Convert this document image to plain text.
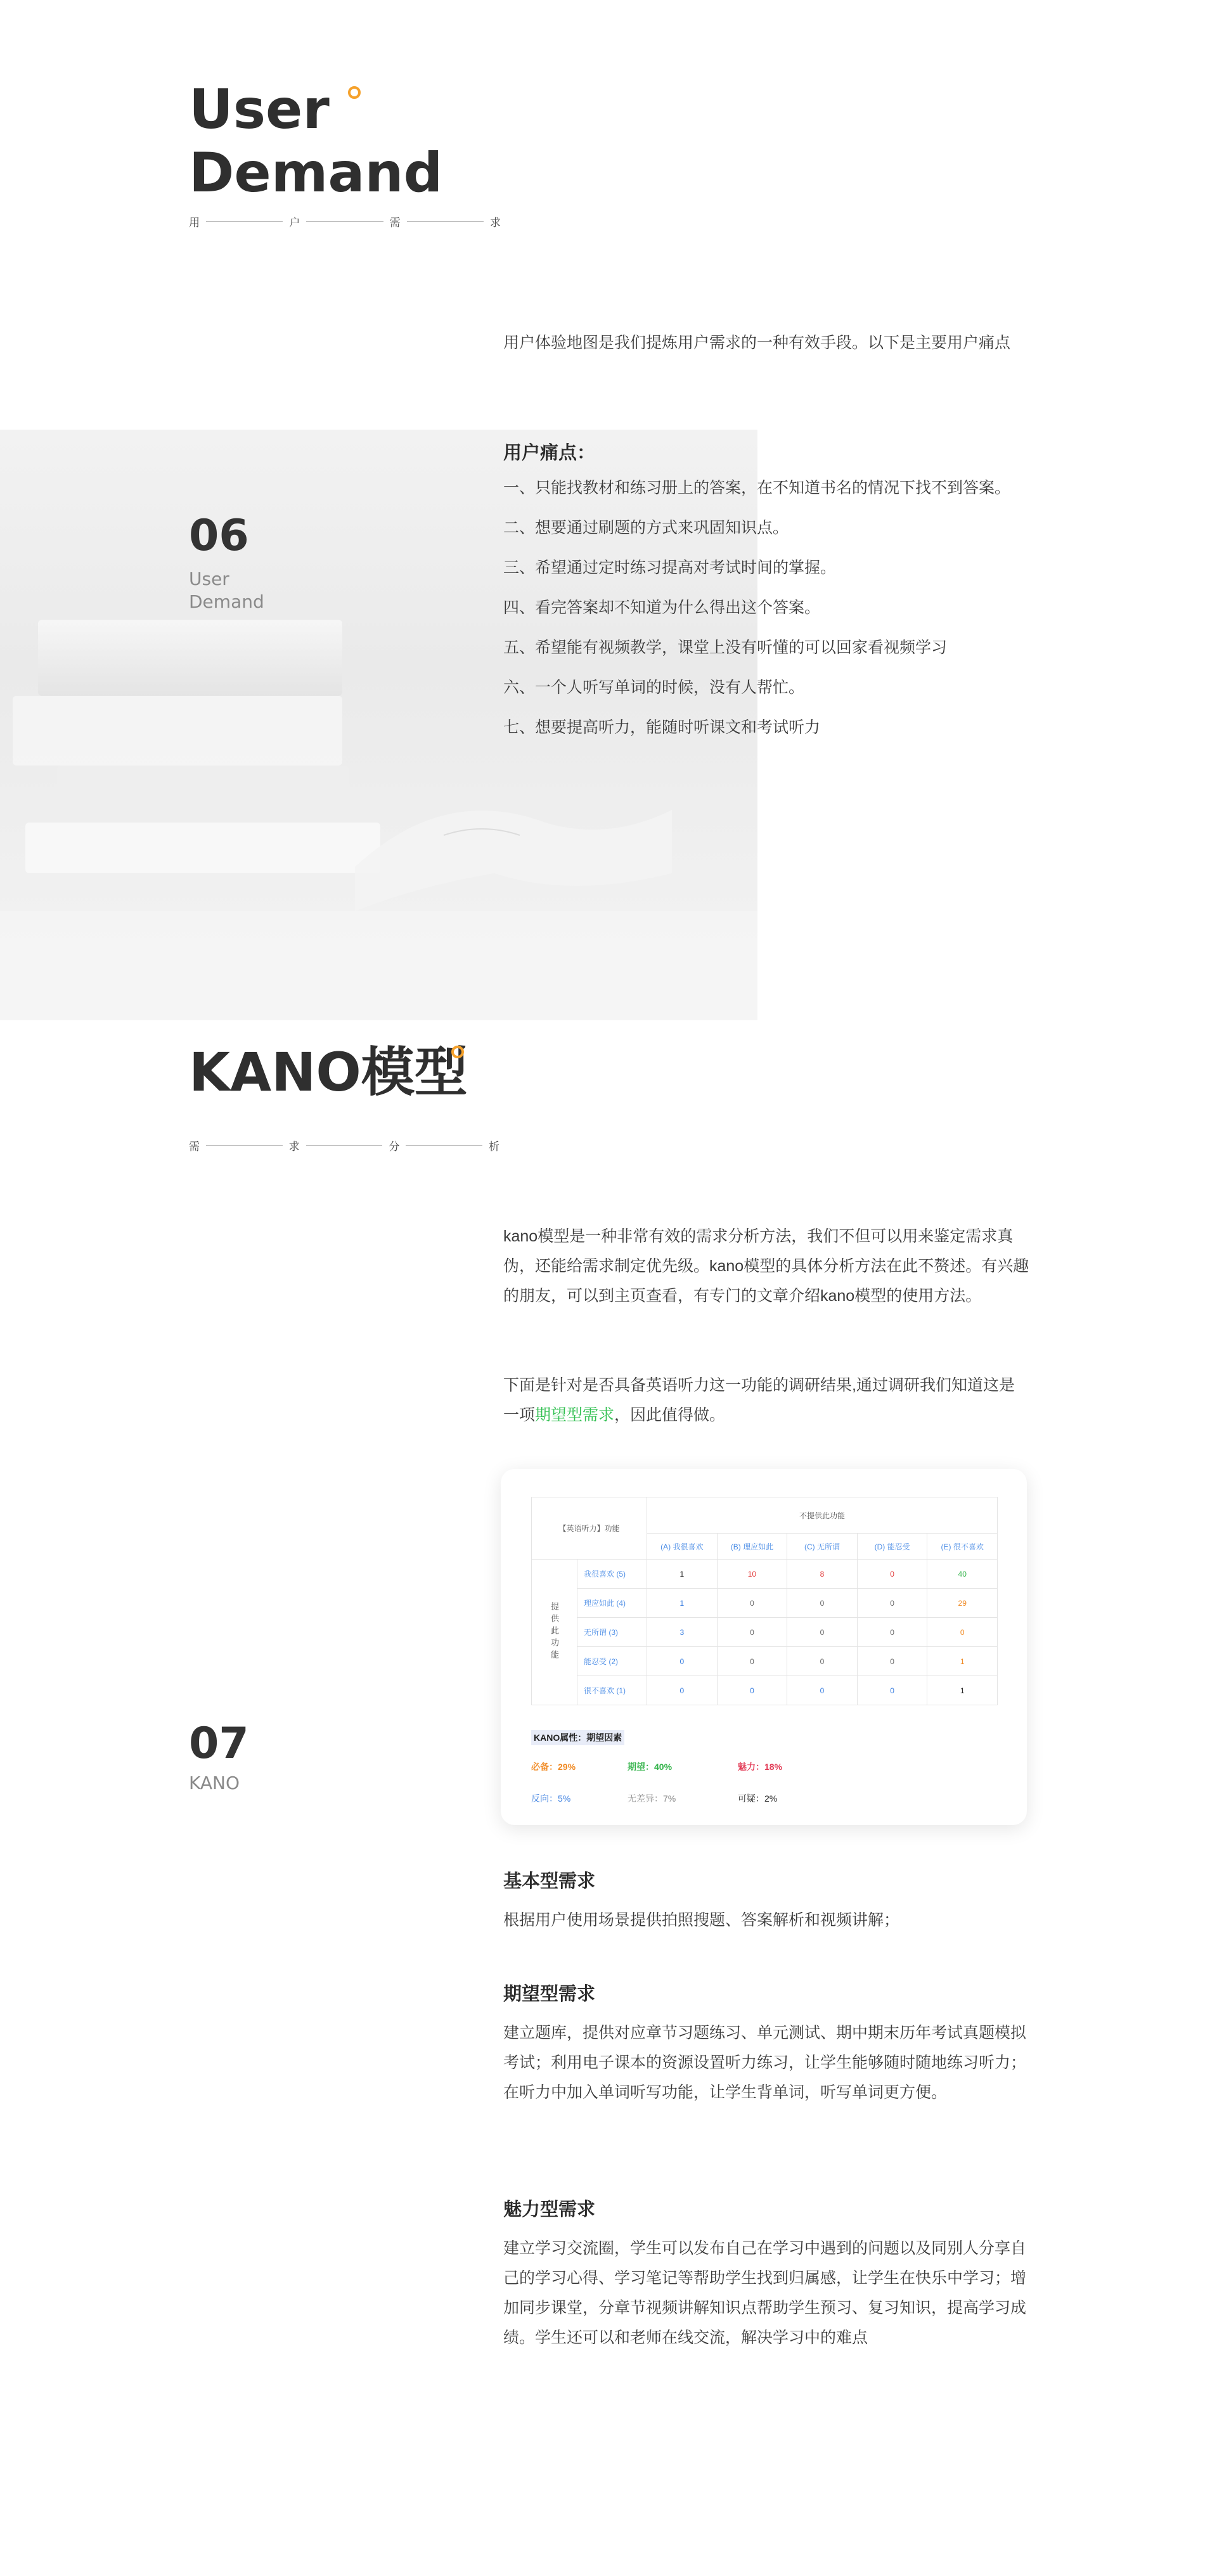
User
Demand
用	户	需	求
06
User
Demand

用户体验地图是我们提炼用户需求的一种有效手段。以下是主要用户痛点

用户痛点：
一、只能找教材和练习册上的答案，在不知道书名的情况下找不到答案。
二、想要通过刷题的方式来巩固知识点。
三、希望通过定时练习提高对考试时间的掌握。
四、看完答案却不知道为什么得出这个答案。
五、希望能有视频教学，课堂上没有听懂的可以回家看视频学习
六、一个人听写单词的时候，没有人帮忙。
七、想要提高听力，能随时听课文和考试听力
KANO模型
需	求	分	析

kano模型是一种非常有效的需求分析方法，我们不但可以用来鉴定需求真伪，还能给需求制定优先级。kano模型的具体分析方法在此不赘述。有兴趣的朋友，可以到主页查看，有专门的文章介绍kano模型的使用方法。

下面是针对是否具备英语听力这一功能的调研结果,通过调研我们知道这是一项期望型需求，因此值得做。

【英语听力】功能		不提供此功能				
		(A) 我很喜欢	(B) 理应如此	(C) 无所谓	(D) 能忍受	(E) 很不喜欢
提供此功能	我很喜欢 (5)	1	10	8	0	40
	理应如此 (4)	1	0	0	0	29
	无所谓 (3)	3	0	0	0	0
	能忍受 (2)	0	0	0	0	1
	很不喜欢 (1)	0	0	0	0	1
KANO属性：期望因素
必备：29%	期望：40%	魅力：18%
反向：5%	无差异：7%	可疑：2%
07
KANO
基本型需求
根据用户使用场景提供拍照搜题、答案解析和视频讲解；
期望型需求
建立题库，提供对应章节习题练习、单元测试、期中期末历年考试真题模拟考试；利用电子课本的资源设置听力练习，让学生能够随时随地练习听力；在听力中加入单词听写功能，让学生背单词，听写单词更方便。
魅力型需求
建立学习交流圈，学生可以发布自己在学习中遇到的问题以及同别人分享自己的学习心得、学习笔记等帮助学生找到归属感，让学生在快乐中学习；增加同步课堂，分章节视频讲解知识点帮助学生预习、复习知识，提高学习成绩。学生还可以和老师在线交流，解决学习中的难点
